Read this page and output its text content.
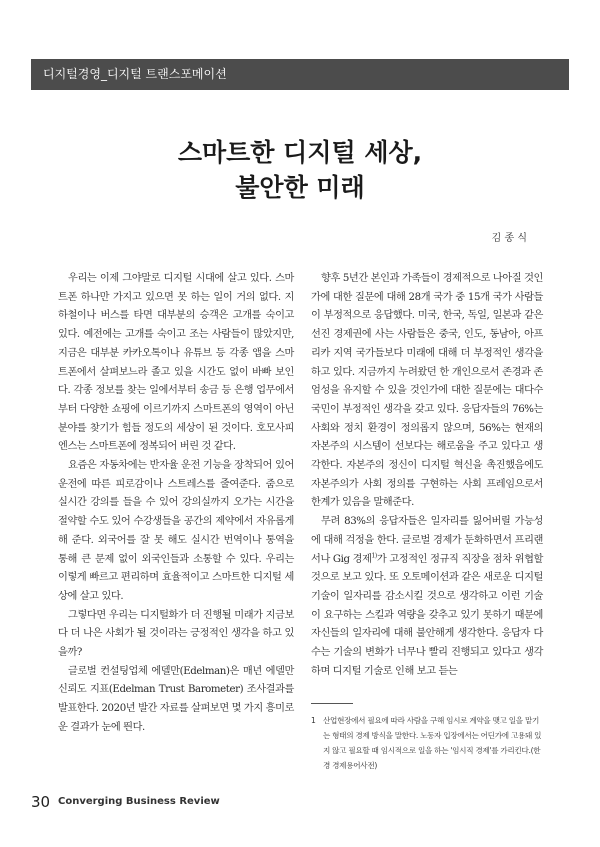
디지털경영_디지털 트랜스포메이션
스마트한 디지털 세상,
불안한 미래
김 종 식

우리는 이제 그야말로 디지털 시대에 살고 있다. 스마트폰 하나만 가지고 있으면 못 하는 일이 거의 없다. 지하철이나 버스를 타면 대부분의 승객은 고개를 숙이고 있다. 예전에는 고개를 숙이고 조는 사람들이 많았지만, 지금은 대부분 카카오톡이나 유튜브 등 각종 앱을 스마트폰에서 살펴보느라 졸고 있을 시간도 없이 바빠 보인다. 각종 정보를 찾는 일에서부터 송금 등 은행 업무에서부터 다양한 쇼핑에 이르기까지 스마트폰의 영역이 아닌 분야를 찾기가 힘들 정도의 세상이 된 것이다. 호모사피엔스는 스마트폰에 정복되어 버린 것 같다.

요즘은 자동차에는 반자율 운전 기능을 장착되어 있어 운전에 따른 피로감이나 스트레스를 줄여준다. 줌으로 실시간 강의를 들을 수 있어 강의실까지 오가는 시간을 절약할 수도 있어 수강생들을 공간의 제약에서 자유롭게 해 준다. 외국어를 잘 못 해도 실시간 번역이나 통역을 통해 큰 문제 없이 외국인들과 소통할 수 있다. 우리는 이렇게 빠르고 편리하며 효율적이고 스마트한 디지털 세상에 살고 있다.

그렇다면 우리는 디지털화가 더 진행될 미래가 지금보다 더 나은 사회가 될 것이라는 긍정적인 생각을 하고 있을까?

글로벌 컨설팅업체 에델만(Edelman)은 매년 에델만 신뢰도 지표(Edelman Trust Barometer) 조사결과를 발표한다. 2020년 발간 자료를 살펴보면 몇 가지 흥미로운 결과가 눈에 띈다.

향후 5년간 본인과 가족들이 경제적으로 나아질 것인가에 대한 질문에 대해 28개 국가 중 15개 국가 사람들이 부정적으로 응답했다. 미국, 한국, 독일, 일본과 같은 선진 경제권에 사는 사람들은 중국, 인도, 동남아, 아프리카 지역 국가들보다 미래에 대해 더 부정적인 생각을 하고 있다. 지금까지 누려왔던 한 개인으로서 존경과 존엄성을 유지할 수 있을 것인가에 대한 질문에는 대다수 국민이 부정적인 생각을 갖고 있다. 응답자들의 76%는 사회와 정치 환경이 정의롭지 않으며, 56%는 현재의 자본주의 시스템이 선보다는 해로움을 주고 있다고 생각한다. 자본주의 정신이 디지털 혁신을 촉진했음에도 자본주의가 사회 정의를 구현하는 사회 프레임으로서 한계가 있음을 말해준다.

무려 83%의 응답자들은 일자리를 잃어버릴 가능성에 대해 걱정을 한다. 글로벌 경제가 둔화하면서 프리랜서나 Gig 경제$^{1)}$가 고정적인 정규직 직장을 점차 위협할 것으로 보고 있다. 또 오토메이션과 같은 새로운 디지털 기술이 일자리를 감소시킬 것으로 생각하고 이런 기술이 요구하는 스킬과 역량을 갖추고 있기 못하기 때문에 자신들의 일자리에 대해 불안해게 생각한다. 응답자 다수는 기술의 변화가 너무나 빨리 진행되고 있다고 생각하며 디지털 기술로 인해 보고 듣는

1 산업현장에서 필요에 따라 사람을 구해 임시로 계약을 맺고 일을 맡기는 형태의 경제 방식을 말한다. 노동자 입장에서는 어딘가에 고용돼 있지 않고 필요할 때 임시적으로 일을 하는 '임시직 경제'를 가리킨다.(한경 경제용어사전)
30 Converging Business Review
